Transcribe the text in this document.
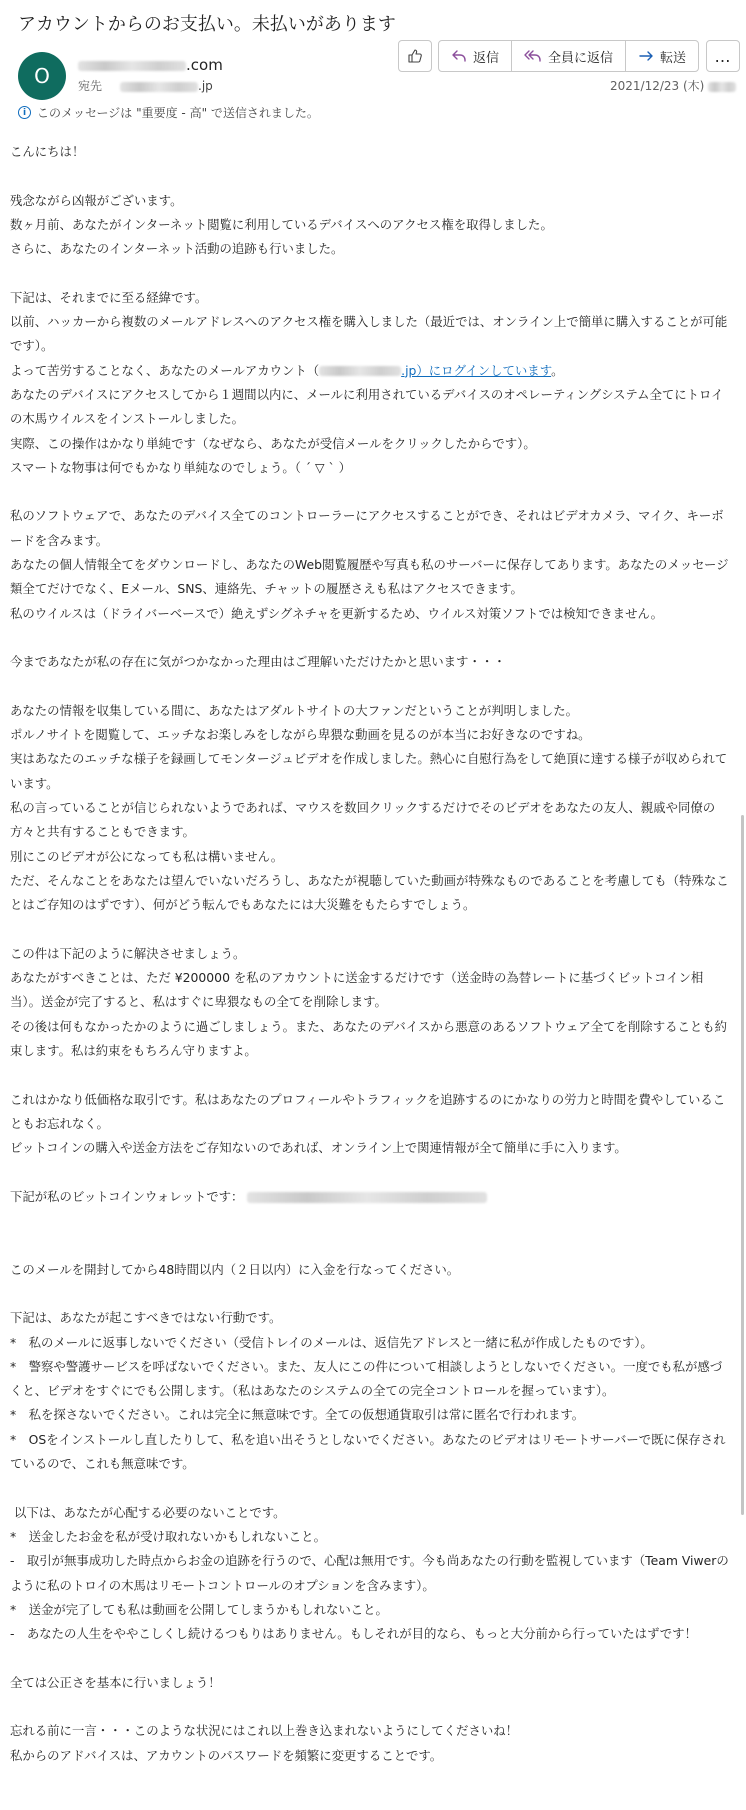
アカウントからのお支払い。未払いがあります
O	.com
宛先	.jp
返信	全員に返信	転送 …
2021/12/23 (木)
i このメッセージは "重要度 - 高" で送信されました。

こんにちは！

残念ながら凶報がございます。

数ヶ月前、あなたがインターネット閲覧に利用しているデバイスへのアクセス権を取得しました。

さらに、あなたのインターネット活動の追跡も行いました。

下記は、それまでに至る経緯です。

以前、ハッカーから複数のメールアドレスへのアクセス権を購入しました（最近では、オンライン上で簡単に購入することが可能です）。

よって苦労することなく、あなたのメールアカウント（	.jp）にログインしています。

あなたのデバイスにアクセスしてから１週間以内に、メールに利用されているデバイスのオペレーティングシステム全てにトロイの木馬ウイルスをインストールしました。

実際、この操作はかなり単純です（なぜなら、あなたが受信メールをクリックしたからです）。

スマートな物事は何でもかなり単純なのでしょう。（ ´ ▽ ` ）

私のソフトウェアで、あなたのデバイス全てのコントローラーにアクセスすることができ、それはビデオカメラ、マイク、キーボードを含みます。

あなたの個人情報全てをダウンロードし、あなたのWeb閲覧履歴や写真も私のサーバーに保存してあります。あなたのメッセージ類全てだけでなく、Eメール、SNS、連絡先、チャットの履歴さえも私はアクセスできます。

私のウイルスは（ドライバーベースで）絶えずシグネチャを更新するため、ウイルス対策ソフトでは検知できません。

今まであなたが私の存在に気がつかなかった理由はご理解いただけたかと思います・・・

あなたの情報を収集している間に、あなたはアダルトサイトの大ファンだということが判明しました。

ポルノサイトを閲覧して、エッチなお楽しみをしながら卑猥な動画を見るのが本当にお好きなのですね。

実はあなたのエッチな様子を録画してモンタージュビデオを作成しました。熱心に自慰行為をして絶頂に達する様子が収められています。

私の言っていることが信じられないようであれば、マウスを数回クリックするだけでそのビデオをあなたの友人、親戚や同僚の方々と共有することもできます。

別にこのビデオが公になっても私は構いません。

ただ、そんなことをあなたは望んでいないだろうし、あなたが視聴していた動画が特殊なものであることを考慮しても（特殊なことはご存知のはずです）、何がどう転んでもあなたには大災難をもたらすでしょう。

この件は下記のように解決させましょう。

あなたがすべきことは、ただ ¥200000 を私のアカウントに送金するだけです（送金時の為替レートに基づくビットコイン相当）。送金が完了すると、私はすぐに卑猥なもの全てを削除します。

その後は何もなかったかのように過ごしましょう。また、あなたのデバイスから悪意のあるソフトウェア全てを削除することも約束します。私は約束をもちろん守りますよ。

これはかなり低価格な取引です。私はあなたのプロフィールやトラフィックを追跡するのにかなりの労力と時間を費やしていることもお忘れなく。

ビットコインの購入や送金方法をご存知ないのであれば、オンライン上で関連情報が全て簡単に手に入ります。

下記が私のビットコインウォレットです：

このメールを開封してから48時間以内（２日以内）に入金を行なってください。

下記は、あなたが起こすべきではない行動です。

*　私のメールに返事しないでください（受信トレイのメールは、返信先アドレスと一緒に私が作成したものです）。

*　警察や警護サービスを呼ばないでください。また、友人にこの件について相談しようとしないでください。一度でも私が感づくと、ビデオをすぐにでも公開します。（私はあなたのシステムの全ての完全コントロールを握っています）。

*　私を探さないでください。これは完全に無意味です。全ての仮想通貨取引は常に匿名で行われます。

*　OSをインストールし直したりして、私を追い出そうとしないでください。あなたのビデオはリモートサーバーで既に保存されているので、これも無意味です。

以下は、あなたが心配する必要のないことです。

*　送金したお金を私が受け取れないかもしれないこと。

-　取引が無事成功した時点からお金の追跡を行うので、心配は無用です。今も尚あなたの行動を監視しています（Team Viwerのように私のトロイの木馬はリモートコントロールのオプションを含みます）。

*　送金が完了しても私は動画を公開してしまうかもしれないこと。

-　あなたの人生をややこしくし続けるつもりはありません。もしそれが目的なら、もっと大分前から行っていたはずです！

全ては公正さを基本に行いましょう！

忘れる前に一言・・・このような状況にはこれ以上巻き込まれないようにしてくださいね！

私からのアドバイスは、アカウントのパスワードを頻繁に変更することです。
